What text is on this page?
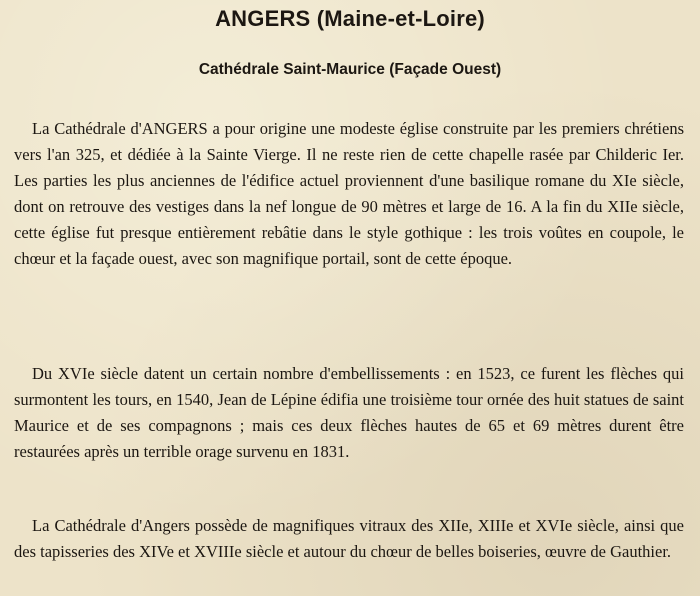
ANGERS (Maine-et-Loire)
Cathédrale Saint-Maurice (Façade Ouest)

La Cathédrale d'ANGERS a pour origine une modeste église construite par les premiers chrétiens vers l'an 325, et dédiée à la Sainte Vierge. Il ne reste rien de cette chapelle rasée par Childeric Ier. Les parties les plus anciennes de l'édifice actuel proviennent d'une basilique romane du XIe siècle, dont on retrouve des vestiges dans la nef longue de 90 mètres et large de 16. A la fin du XIIe siècle, cette église fut presque entièrement rebâtie dans le style gothique : les trois voûtes en coupole, le chœur et la façade ouest, avec son magnifique portail, sont de cette époque.

Du XVIe siècle datent un certain nombre d'embellissements : en 1523, ce furent les flèches qui surmontent les tours, en 1540, Jean de Lépine édifia une troisième tour ornée des huit statues de saint Maurice et de ses compagnons ; mais ces deux flèches hautes de 65 et 69 mètres durent être restaurées après un terrible orage survenu en 1831.

La Cathédrale d'Angers possède de magnifiques vitraux des XIIe, XIIIe et XVIe siècle, ainsi que des tapisseries des XIVe et XVIIIe siècle et autour du chœur de belles boiseries, œuvre de Gauthier.
